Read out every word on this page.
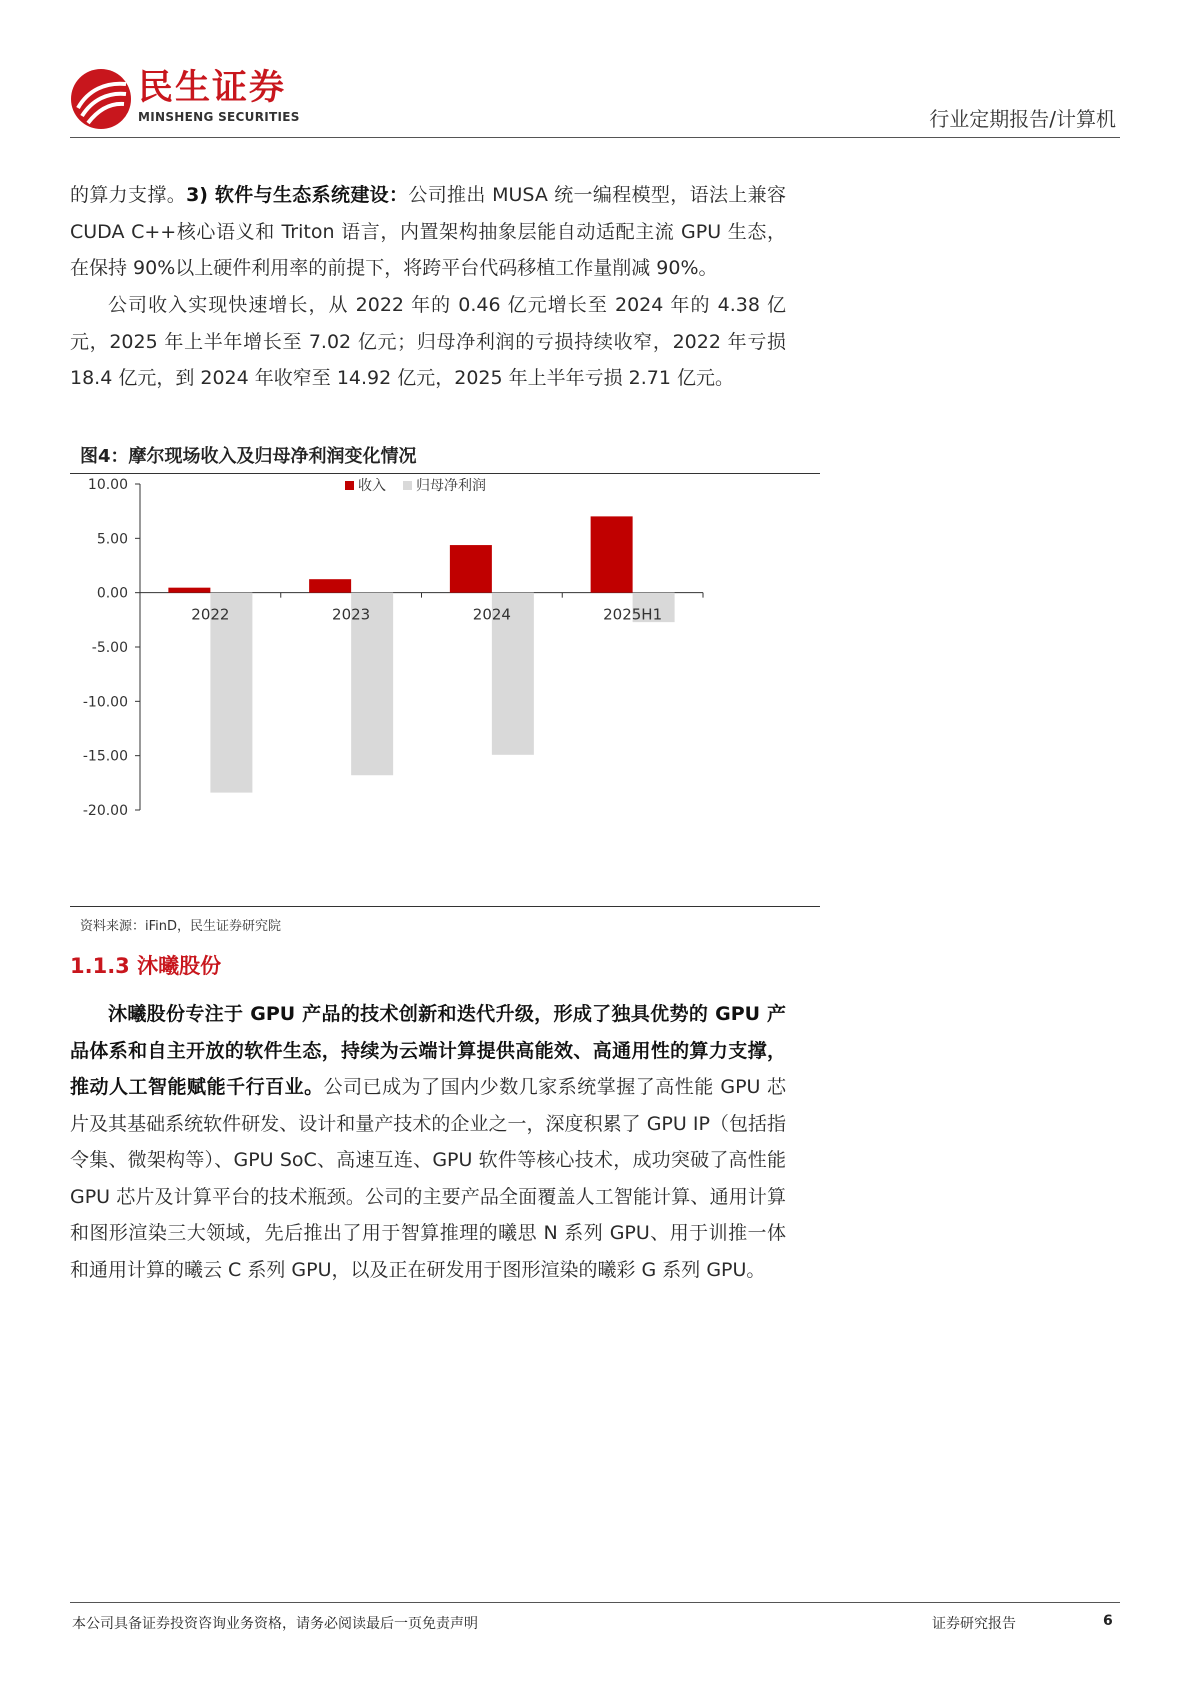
民生证券
MINSHENG SECURITIES	行业定期报告/计算机
的算力支撑。3) 软件与生态系统建设：公司推出 MUSA 统一编程模型，语法上兼容 CUDA C++核心语义和 Triton 语言，内置架构抽象层能自动适配主流 GPU 生态，在保持 90%以上硬件利用率的前提下，将跨平台代码移植工作量削减 90%。
公司收入实现快速增长，从 2022 年的 0.46 亿元增长至 2024 年的 4.38 亿元，2025 年上半年增长至 7.02 亿元；归母净利润的亏损持续收窄，2022 年亏损 18.4 亿元，到 2024 年收窄至 14.92 亿元，2025 年上半年亏损 2.71 亿元。
图4：摩尔现场收入及归母净利润变化情况
10.00
5.00
0.00
-5.00
-10.00
-15.00
-20.00
2022	2023	2024	2025H1
收入 归母净利润
资料来源：iFinD，民生证券研究院
1.1.3 沐曦股份
沐曦股份专注于 GPU 产品的技术创新和迭代升级，形成了独具优势的 GPU 产品体系和自主开放的软件生态，持续为云端计算提供高能效、高通用性的算力支撑，推动人工智能赋能千行百业。公司已成为了国内少数几家系统掌握了高性能 GPU 芯片及其基础系统软件研发、设计和量产技术的企业之一，深度积累了 GPU IP（包括指令集、微架构等）、GPU SoC、高速互连、GPU 软件等核心技术，成功突破了高性能 GPU 芯片及计算平台的技术瓶颈。公司的主要产品全面覆盖人工智能计算、通用计算和图形渲染三大领域，先后推出了用于智算推理的曦思 N 系列 GPU、用于训推一体和通用计算的曦云 C 系列 GPU，以及正在研发用于图形渲染的曦彩 G 系列 GPU。
本公司具备证券投资咨询业务资格，请务必阅读最后一页免责声明	证券研究报告	6
